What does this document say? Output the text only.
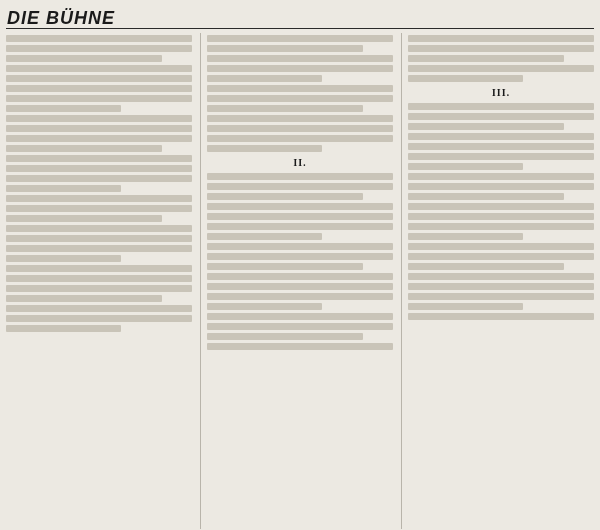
DIE BÜHNE
II.
III.
